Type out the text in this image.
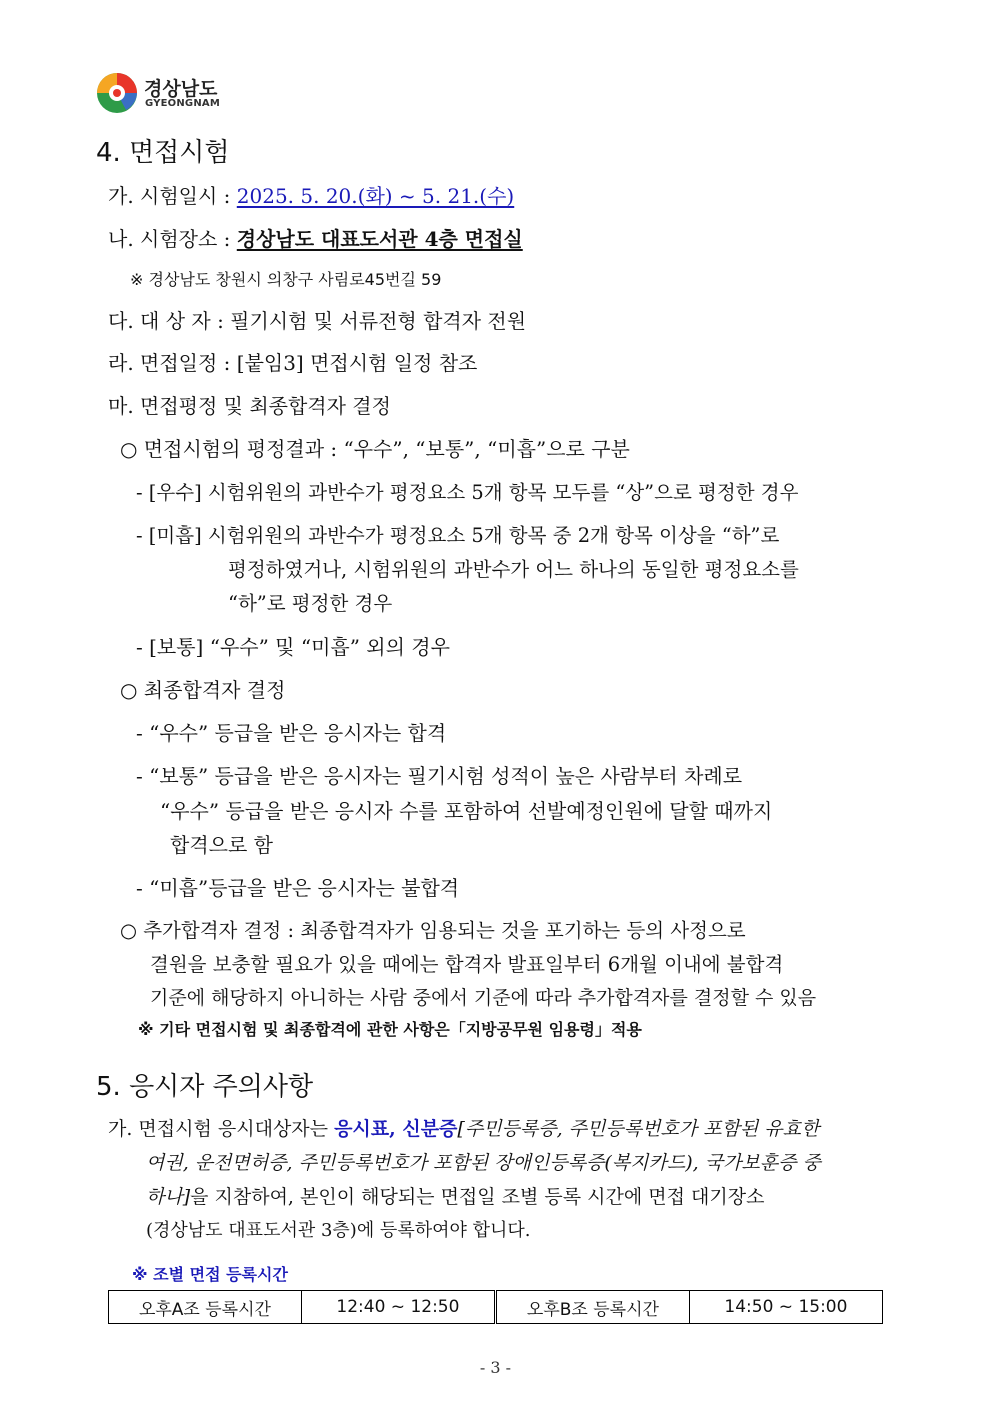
경상남도
GYEONGNAM
4. 면접시험
가. 시험일시 : 2025. 5. 20.(화) ~ 5. 21.(수)
나. 시험장소 : 경상남도 대표도서관 4층 면접실
※ 경상남도 창원시 의창구 사림로45번길 59
다. 대 상 자 : 필기시험 및 서류전형 합격자 전원
라. 면접일정 : [붙임3] 면접시험 일정 참조
마. 면접평정 및 최종합격자 결정
○ 면접시험의 평정결과 : “우수”, “보통”, “미흡”으로 구분
- [우수] 시험위원의 과반수가 평정요소 5개 항목 모두를 “상”으로 평정한 경우
- [미흡] 시험위원의 과반수가 평정요소 5개 항목 중 2개 항목 이상을 “하”로
평정하였거나, 시험위원의 과반수가 어느 하나의 동일한 평정요소를
“하”로 평정한 경우
- [보통] “우수” 및 “미흡” 외의 경우
○ 최종합격자 결정
- “우수” 등급을 받은 응시자는 합격
- “보통” 등급을 받은 응시자는 필기시험 성적이 높은 사람부터 차례로
“우수” 등급을 받은 응시자 수를 포함하여 선발예정인원에 달할 때까지
합격으로 함
- “미흡”등급을 받은 응시자는 불합격
○ 추가합격자 결정 : 최종합격자가 임용되는 것을 포기하는 등의 사정으로
결원을 보충할 필요가 있을 때에는 합격자 발표일부터 6개월 이내에 불합격
기준에 해당하지 아니하는 사람 중에서 기준에 따라 추가합격자를 결정할 수 있음
※ 기타 면접시험 및 최종합격에 관한 사항은「지방공무원 임용령」적용
5. 응시자 주의사항
가. 면접시험 응시대상자는 응시표, 신분증[주민등록증, 주민등록번호가 포함된 유효한
여권, 운전면허증, 주민등록번호가 포함된 장애인등록증(복지카드), 국가보훈증 중
하나]을 지참하여, 본인이 해당되는 면접일 조별 등록 시간에 면접 대기장소
(경상남도 대표도서관 3층)에 등록하여야 합니다.
※ 조별 면접 등록시간
오후A조 등록시간	12:40 ~ 12:50	오후B조 등록시간	14:50 ~ 15:00
- 3 -
